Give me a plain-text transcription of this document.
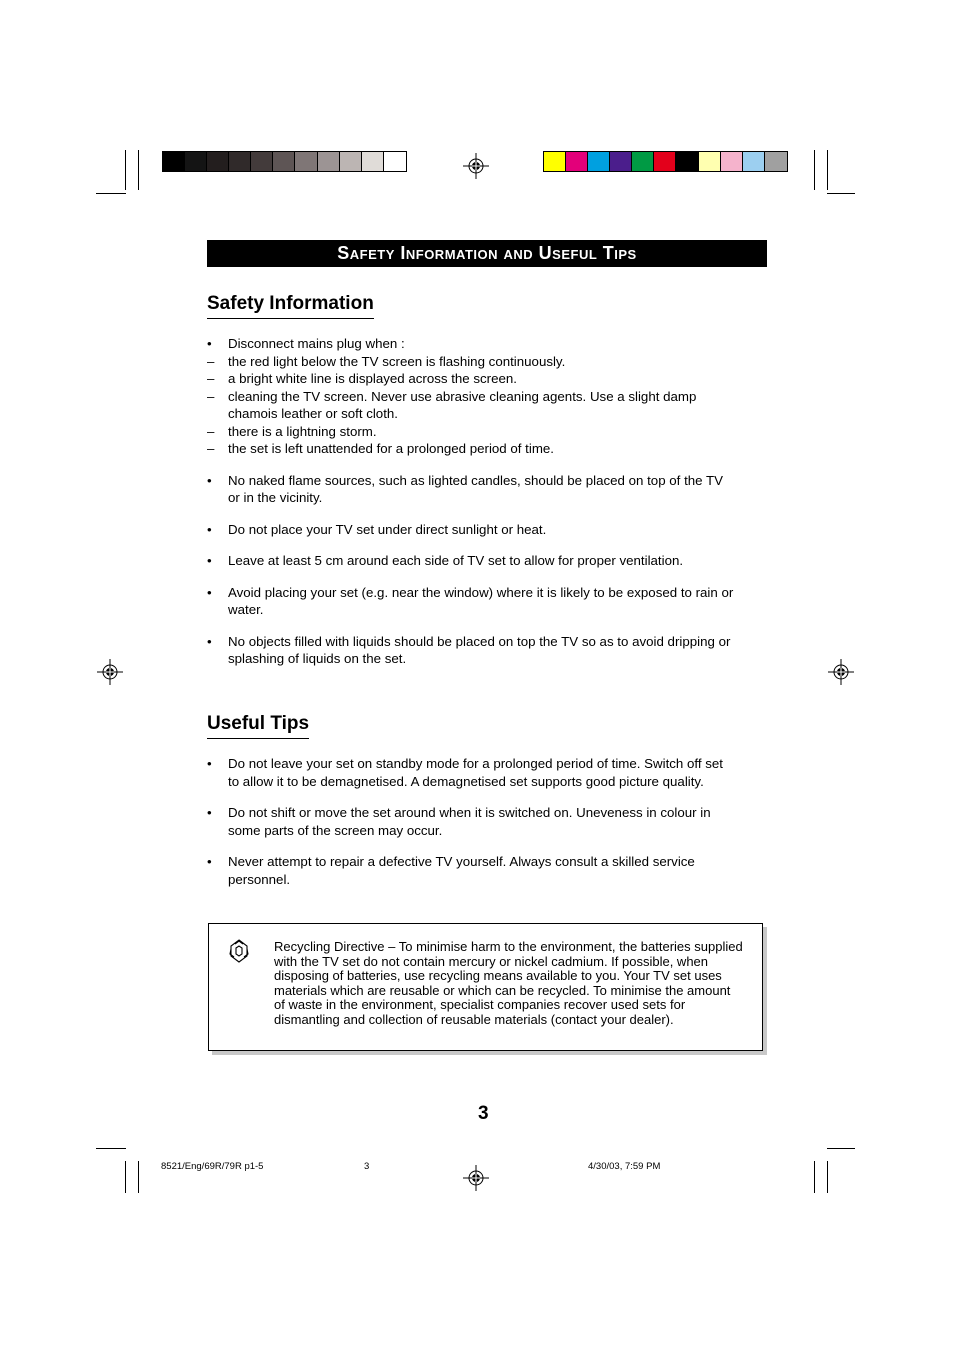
Safety Information and Useful Tips
Safety Information
•	Disconnect mains plug when :
–	the red light below the TV screen is flashing continuously.
–	a bright white line is displayed across the screen.
–	cleaning the TV screen. Never use abrasive cleaning agents. Use a slight damp chamois leather or soft cloth.
–	there is a lightning storm.
–	the set is left unattended for a prolonged period of time.
•	No naked flame sources, such as lighted candles, should be placed on top of the TV or in the vicinity.
•	Do not place your TV set under direct sunlight or heat.
•	Leave at least 5 cm around each side of TV set to allow for proper ventilation.
•	Avoid placing your set (e.g. near the window) where it is likely to be exposed to rain or water.
•	No objects filled with liquids should be placed on top the TV so as to avoid dripping or splashing of liquids on the set.
Useful Tips
•	Do not leave your set on standby mode for a prolonged period of time. Switch off set to allow it to be demagnetised. A demagnetised set supports good picture quality.
•	Do not shift or move the set around when it is switched on. Uneveness in colour in some parts of the screen may occur.
•	Never attempt to repair a defective TV yourself. Always consult a skilled service personnel.
Recycling Directive – To minimise harm to the environment, the batteries supplied with the TV set do not contain mercury or nickel cadmium. If possible, when disposing of batteries, use recycling means available to you. Your TV set uses materials which are reusable or which can be recycled. To minimise the amount of waste in the environment, specialist companies recover used sets for dismantling and collection of reusable materials (contact your dealer).
3
8521/Eng/69R/79R p1-5	3	4/30/03, 7:59 PM
